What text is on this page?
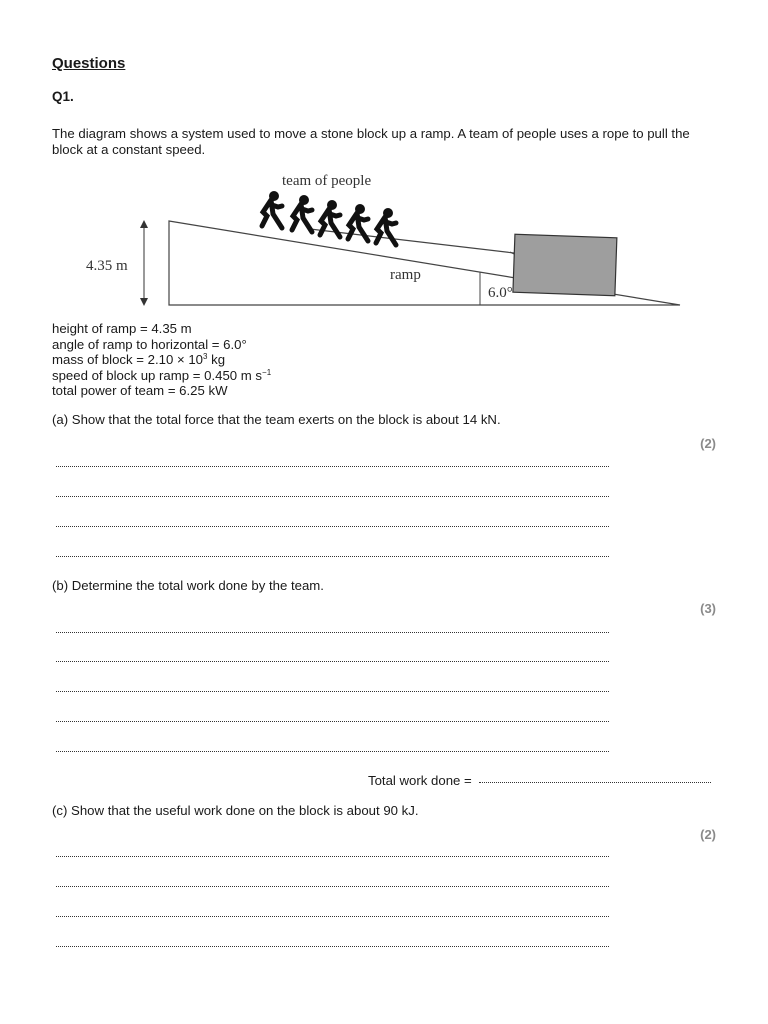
Questions
Q1.
The diagram shows a system used to move a stone block up a ramp. A team of people uses a rope to pull the block at a constant speed.
4.35 m
6.0°
ramp
team of people
height of ramp = 4.35 m
angle of ramp to horizontal = 6.0°
mass of block = $2.10 \times 10^3$ kg
speed of block up ramp = 0.450 m $s^{-1}$
total power of team = 6.25 kW
(a) Show that the total force that the team exerts on the block is about 14 kN.
(2)
(b) Determine the total work done by the team.
(3)
Total work done =
(c) Show that the useful work done on the block is about 90 kJ.
(2)
